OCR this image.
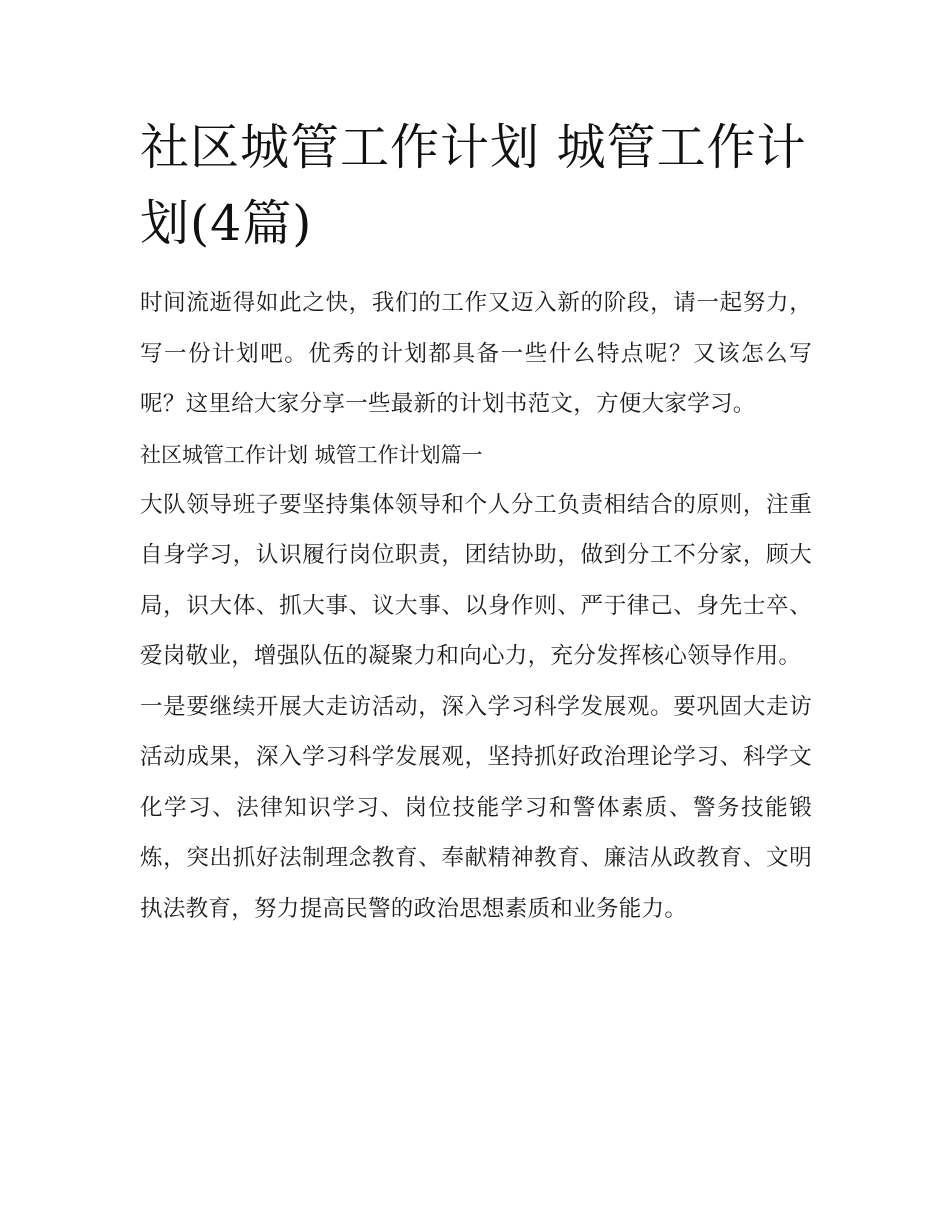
社区城管工作计划 城管工作计划(4篇)

时间流逝得如此之快，我们的工作又迈入新的阶段，请一起努力，写一份计划吧。优秀的计划都具备一些什么特点呢？又该怎么写呢？这里给大家分享一些最新的计划书范文，方便大家学习。

社区城管工作计划 城管工作计划篇一

大队领导班子要坚持集体领导和个人分工负责相结合的原则，注重自身学习，认识履行岗位职责，团结协助，做到分工不分家，顾大局，识大体、抓大事、议大事、以身作则、严于律己、身先士卒、爱岗敬业，增强队伍的凝聚力和向心力，充分发挥核心领导作用。

一是要继续开展大走访活动，深入学习科学发展观。要巩固大走访活动成果，深入学习科学发展观，坚持抓好政治理论学习、科学文化学习、法律知识学习、岗位技能学习和警体素质、警务技能锻炼，突出抓好法制理念教育、奉献精神教育、廉洁从政教育、文明执法教育，努力提高民警的政治思想素质和业务能力。
